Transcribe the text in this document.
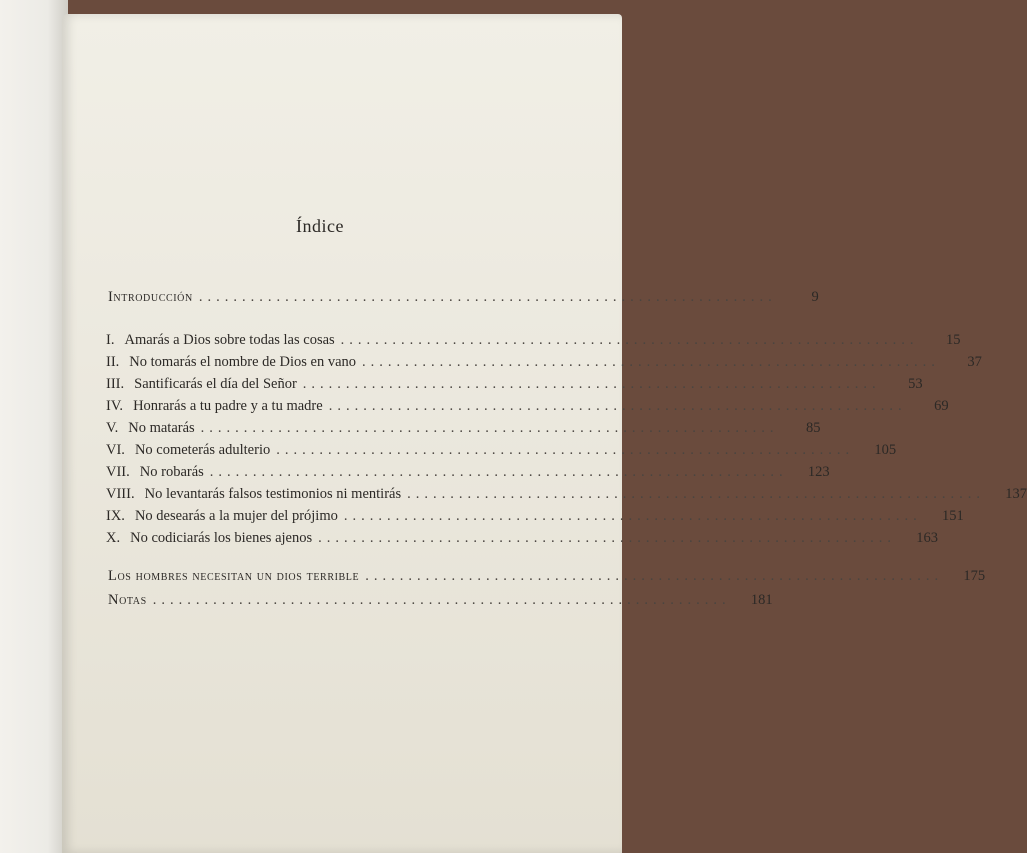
Índice
Introducción ...................................................................	9
I. Amarás a Dios sobre todas las cosas ...................................................................	15
II. No tomarás el nombre de Dios en vano ...................................................................	37
III. Santificarás el día del Señor ...................................................................	53
IV. Honrarás a tu padre y a tu madre ...................................................................	69
V. No matarás ...................................................................	85
VI. No cometerás adulterio ...................................................................	105
VII. No robarás ...................................................................	123
VIII. No levantarás falsos testimonios ni mentirás ...................................................................	137
IX. No desearás a la mujer del prójimo ...................................................................	151
X. No codiciarás los bienes ajenos ...................................................................	163
Los hombres necesitan un dios terrible ...................................................................	175
Notas ...................................................................	181
